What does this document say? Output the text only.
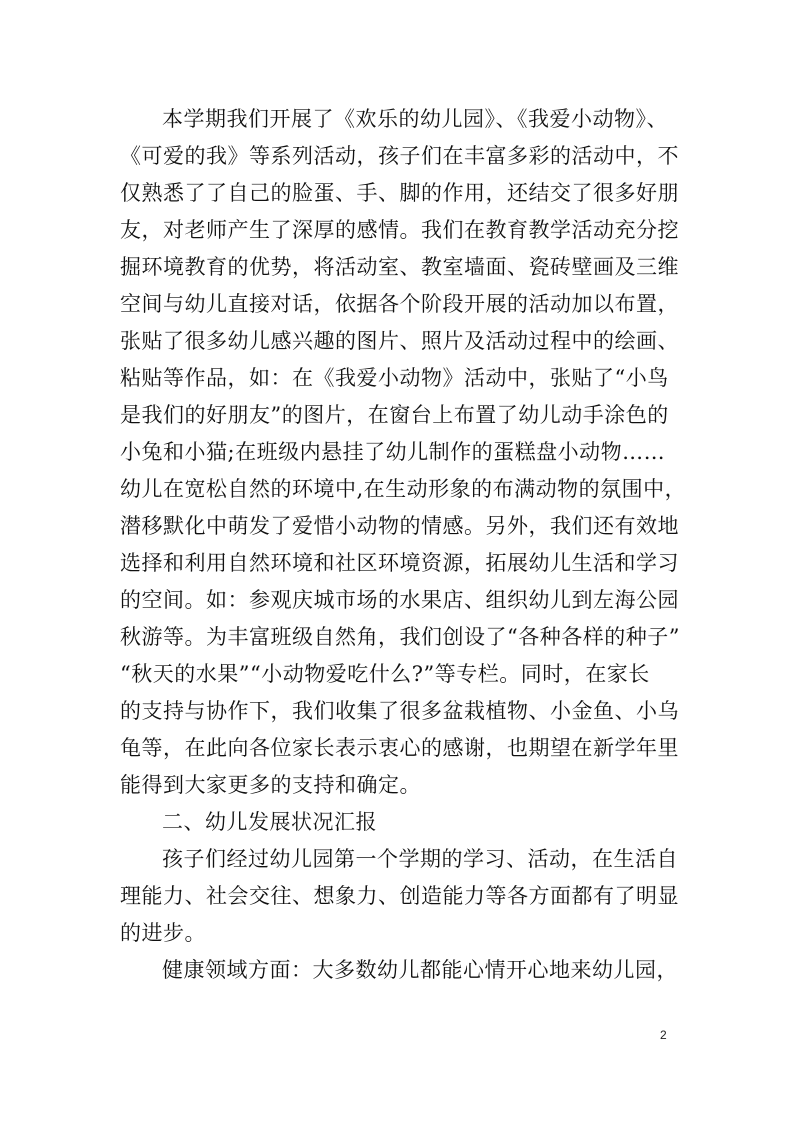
本学期我们开展了《欢乐的幼儿园》、《我爱小动物》、
《可爱的我》等系列活动，孩子们在丰富多彩的活动中，不
仅熟悉了了自己的脸蛋、手、脚的作用，还结交了很多好朋
友，对老师产生了深厚的感情。我们在教育教学活动充分挖
掘环境教育的优势，将活动室、教室墙面、瓷砖壁画及三维
空间与幼儿直接对话，依据各个阶段开展的活动加以布置，
张贴了很多幼儿感兴趣的图片、照片及活动过程中的绘画、
粘贴等作品，如：在《我爱小动物》活动中，张贴了“小鸟
是我们的好朋友”的图片，在窗台上布置了幼儿动手涂色的
小兔和小猫;在班级内悬挂了幼儿制作的蛋糕盘小动物……
幼儿在宽松自然的环境中,在生动形象的布满动物的氛围中，
潜移默化中萌发了爱惜小动物的情感。另外，我们还有效地
选择和利用自然环境和社区环境资源，拓展幼儿生活和学习
的空间。如：参观庆城市场的水果店、组织幼儿到左海公园
秋游等。为丰富班级自然角，我们创设了“各种各样的种子”
“秋天的水果”“小动物爱吃什么?”等专栏。同时，在家长
的支持与协作下，我们收集了很多盆栽植物、小金鱼、小乌
龟等，在此向各位家长表示衷心的感谢，也期望在新学年里
能得到大家更多的支持和确定。
二、幼儿发展状况汇报
孩子们经过幼儿园第一个学期的学习、活动，在生活自
理能力、社会交往、想象力、创造能力等各方面都有了明显
的进步。
健康领域方面：大多数幼儿都能心情开心地来幼儿园，
2
